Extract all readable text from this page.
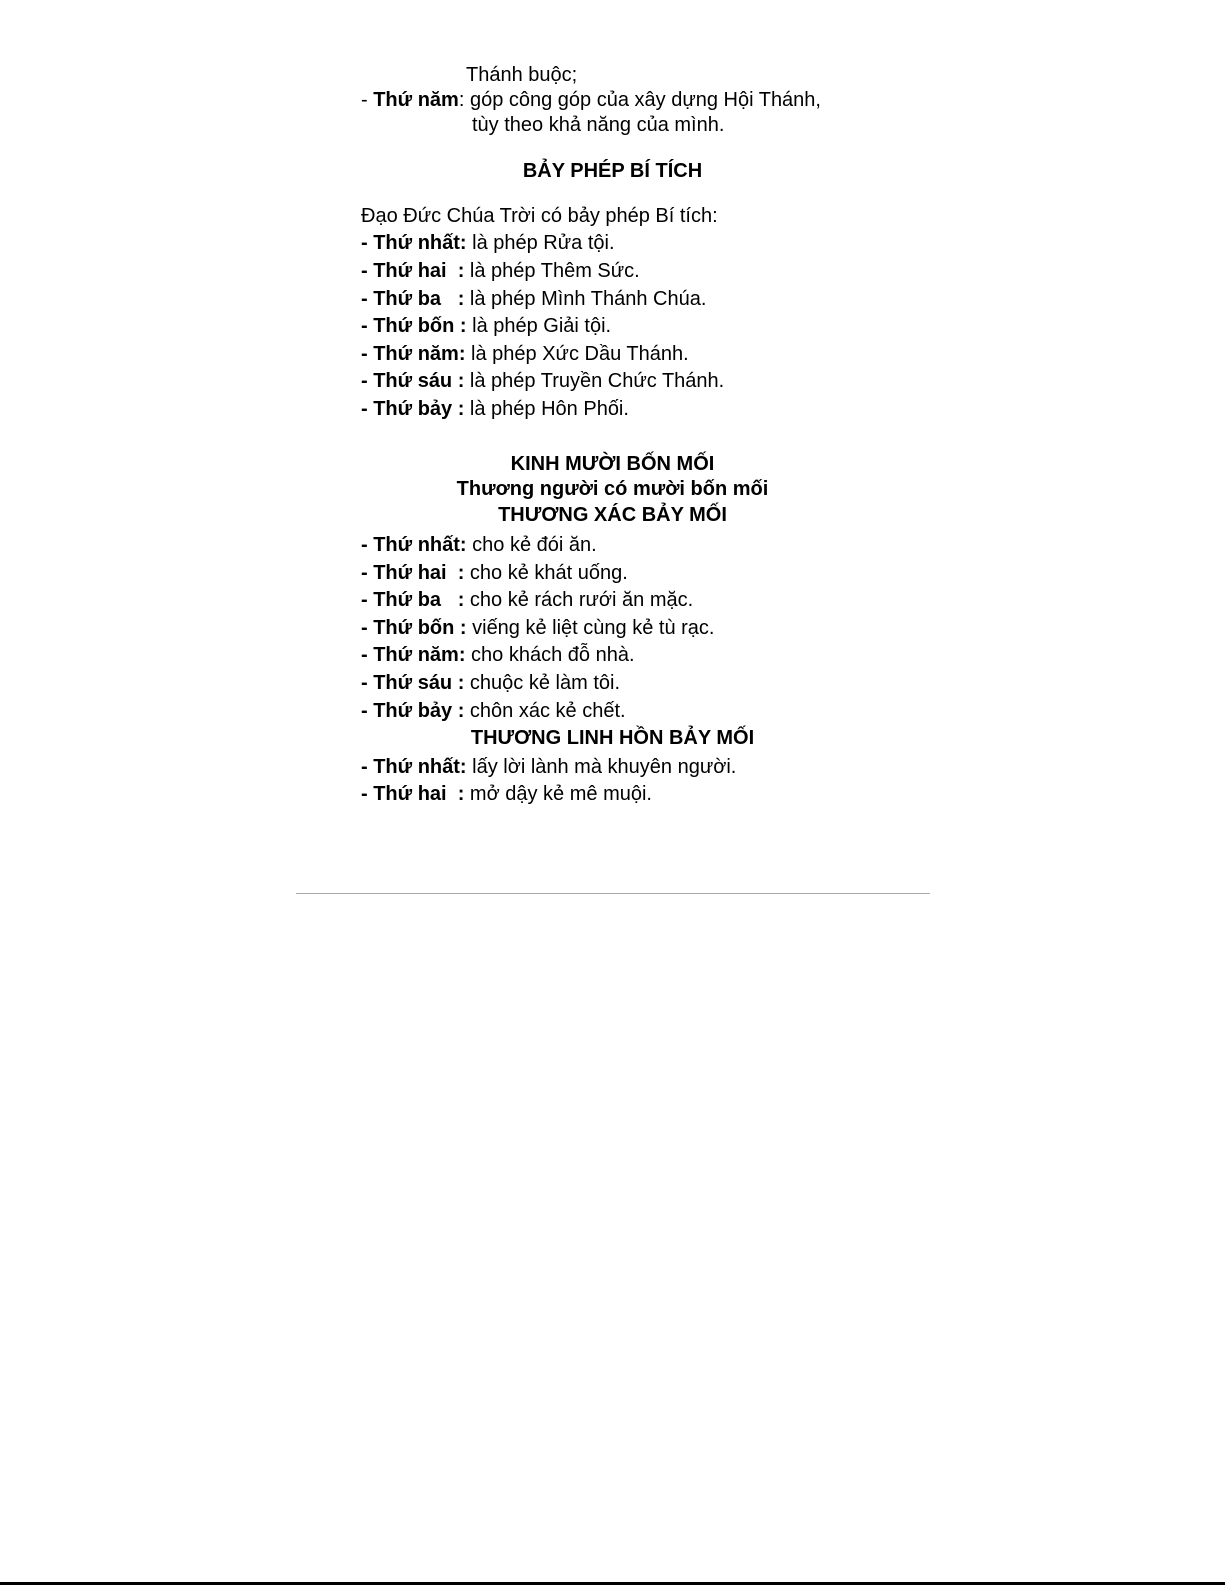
Thánh buộc;
- Thứ năm: góp công góp của xây dựng Hội Thánh,
tùy theo khả năng của mình.
BẢY PHÉP BÍ TÍCH
Đạo Đức Chúa Trời có bảy phép Bí tích:
- Thứ nhất: là phép Rửa tội.
- Thứ hai  : là phép Thêm Sức.
- Thứ ba   : là phép Mình Thánh Chúa.
- Thứ bốn : là phép Giải tội.
- Thứ năm: là phép Xức Dầu Thánh.
- Thứ sáu : là phép Truyền Chức Thánh.
- Thứ bảy : là phép Hôn Phối.
KINH MƯỜI BỐN MỐI
Thương người có mười bốn mối
THƯƠNG XÁC BẢY MỐI
- Thứ nhất: cho kẻ đói ăn.
- Thứ hai  : cho kẻ khát uống.
- Thứ ba   : cho kẻ rách rưới ăn mặc.
- Thứ bốn : viếng kẻ liệt cùng kẻ tù rạc.
- Thứ năm: cho khách đỗ nhà.
- Thứ sáu : chuộc kẻ làm tôi.
- Thứ bảy : chôn xác kẻ chết.
THƯƠNG LINH HỒN BẢY MỐI
- Thứ nhất: lấy lời lành mà khuyên người.
- Thứ hai  : mở dậy kẻ mê muội.
